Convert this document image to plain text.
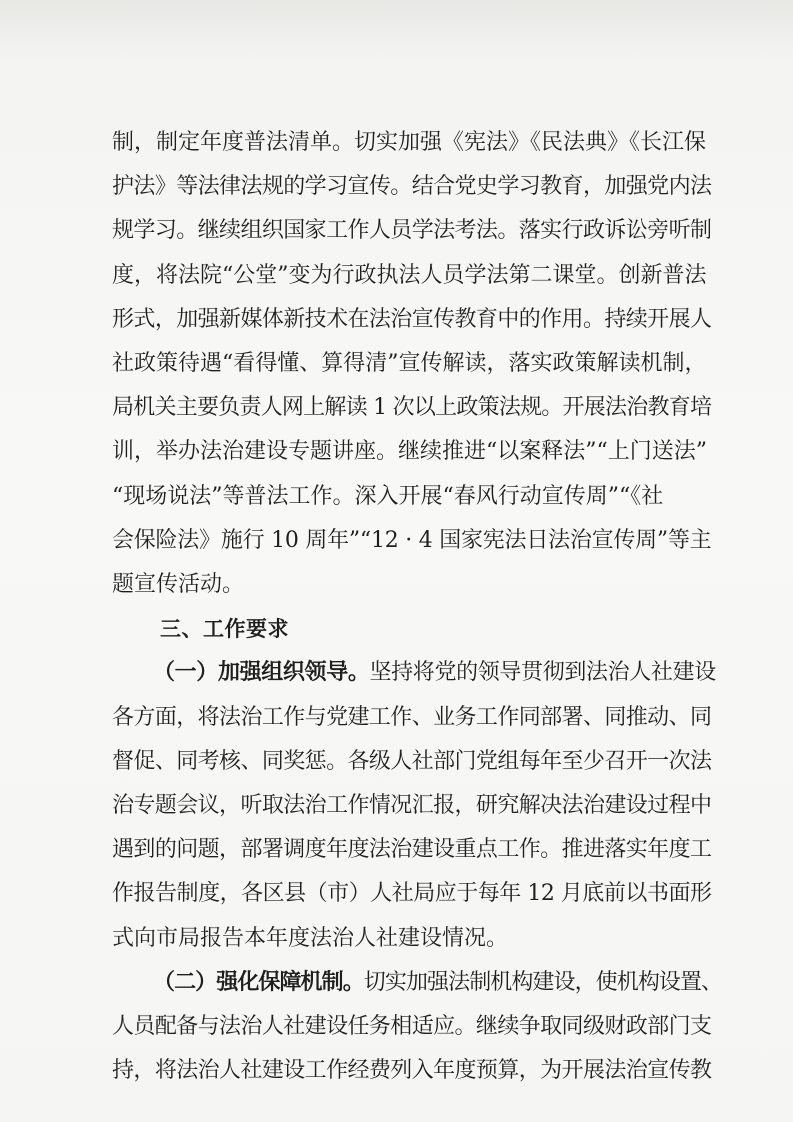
制，制定年度普法清单。切实加强《宪法》《民法典》《长江保
护法》等法律法规的学习宣传。结合党史学习教育，加强党内法
规学习。继续组织国家工作人员学法考法。落实行政诉讼旁听制
度，将法院“公堂”变为行政执法人员学法第二课堂。创新普法
形式，加强新媒体新技术在法治宣传教育中的作用。持续开展人
社政策待遇“看得懂、算得清”宣传解读，落实政策解读机制，
局机关主要负责人网上解读 1 次以上政策法规。开展法治教育培
训，举办法治建设专题讲座。继续推进“以案释法”“上门送法”
“现场说法”等普法工作。深入开展“春风行动宣传周”“《社
会保险法》施行 10 周年”“12 · 4 国家宪法日法治宣传周”等主
题宣传活动。
三、工作要求
（一）加强组织领导。坚持将党的领导贯彻到法治人社建设
各方面，将法治工作与党建工作、业务工作同部署、同推动、同
督促、同考核、同奖惩。各级人社部门党组每年至少召开一次法
治专题会议，听取法治工作情况汇报，研究解决法治建设过程中
遇到的问题，部署调度年度法治建设重点工作。推进落实年度工
作报告制度，各区县（市）人社局应于每年 12 月底前以书面形
式向市局报告本年度法治人社建设情况。
（二）强化保障机制。切实加强法制机构建设，使机构设置、
人员配备与法治人社建设任务相适应。继续争取同级财政部门支
持，将法治人社建设工作经费列入年度预算，为开展法治宣传教
